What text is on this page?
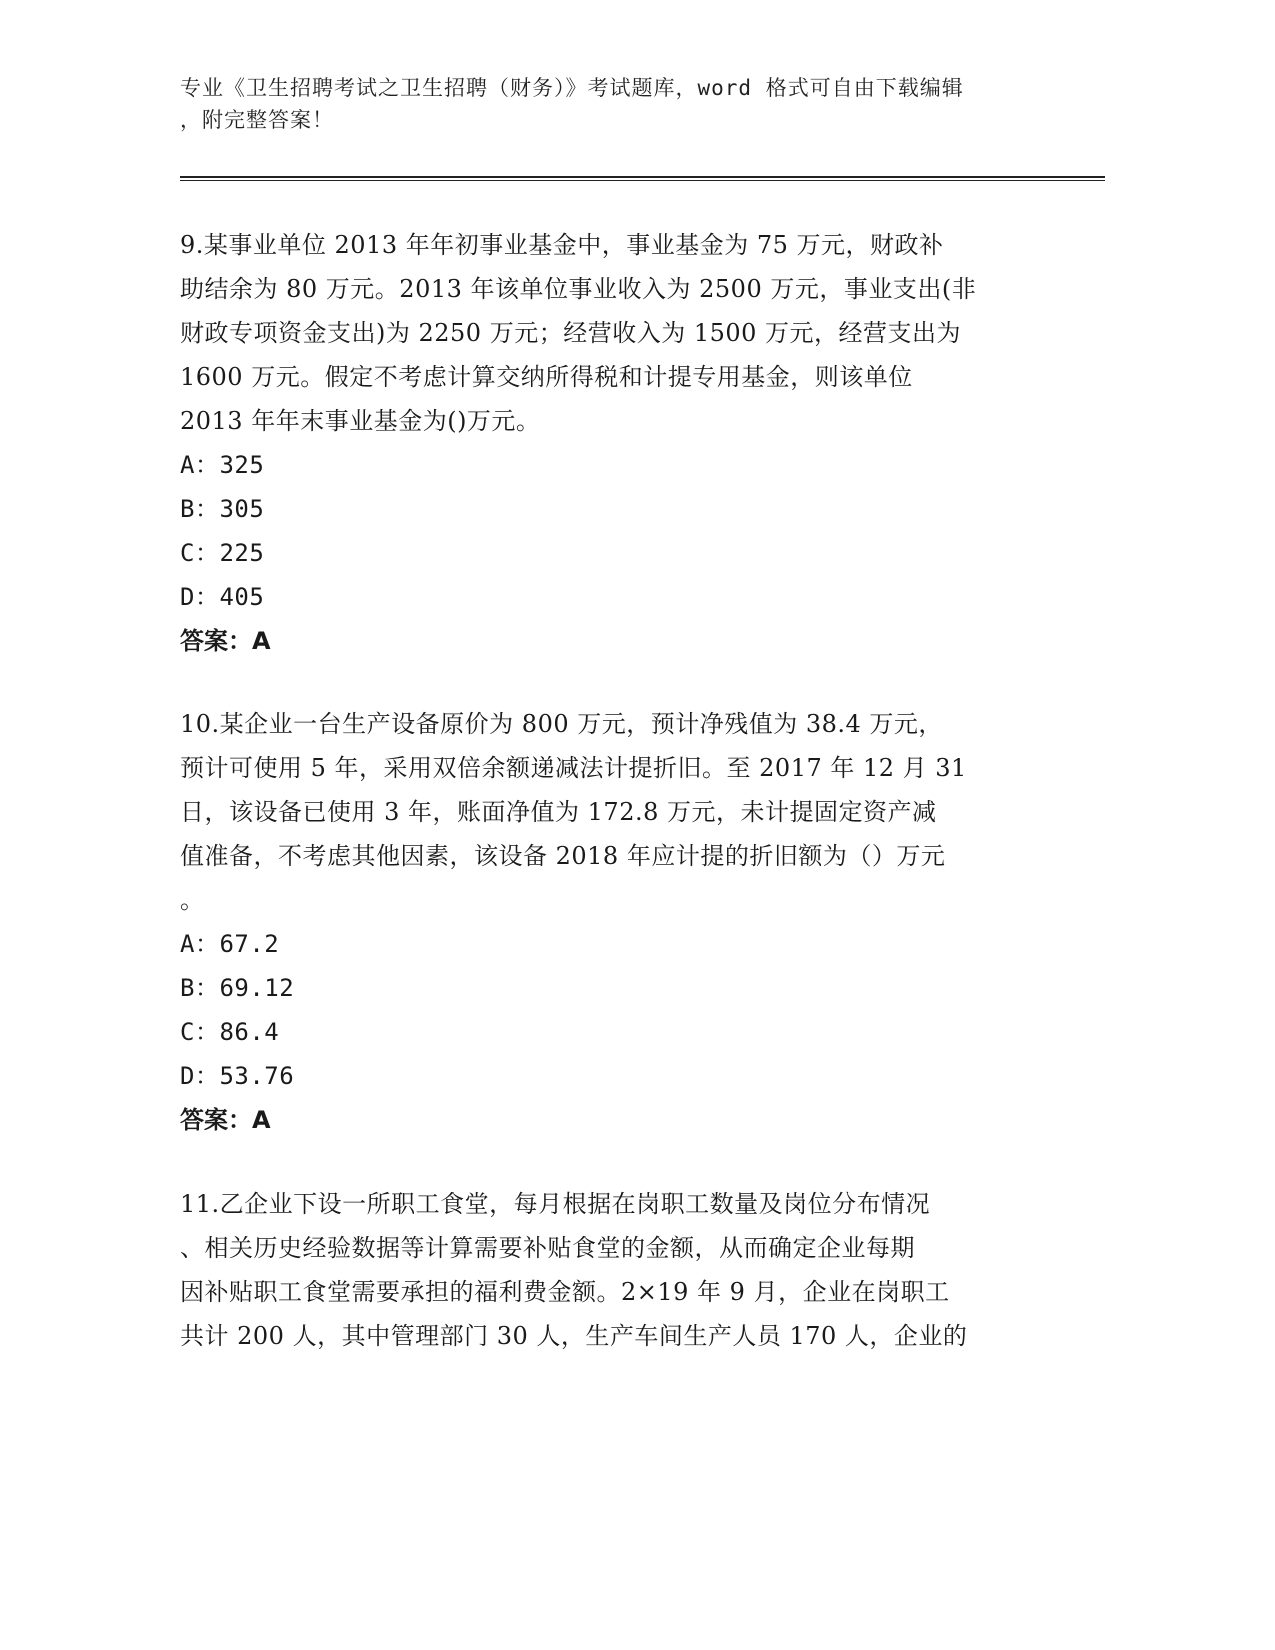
专业《卫生招聘考试之卫生招聘（财务）》考试题库，word 格式可自由下载编辑
，附完整答案！
9.某事业单位 2013 年年初事业基金中，事业基金为 75 万元，财政补
助结余为 80 万元。2013 年该单位事业收入为 2500 万元，事业支出(非
财政专项资金支出)为 2250 万元；经营收入为 1500 万元，经营支出为
1600 万元。假定不考虑计算交纳所得税和计提专用基金，则该单位
2013 年年末事业基金为()万元。
A：325
B：305
C：225
D：405
答案：A
10.某企业一台生产设备原价为 800 万元，预计净残值为 38.4 万元，
预计可使用 5 年，采用双倍余额递减法计提折旧。至 2017 年 12 月 31
日，该设备已使用 3 年，账面净值为 172.8 万元，未计提固定资产减
值准备，不考虑其他因素，该设备 2018 年应计提的折旧额为（）万元
。
A：67.2
B：69.12
C：86.4
D：53.76
答案：A
11.乙企业下设一所职工食堂，每月根据在岗职工数量及岗位分布情况
、相关历史经验数据等计算需要补贴食堂的金额，从而确定企业每期
因补贴职工食堂需要承担的福利费金额。2×19 年 9 月，企业在岗职工
共计 200 人，其中管理部门 30 人，生产车间生产人员 170 人，企业的
